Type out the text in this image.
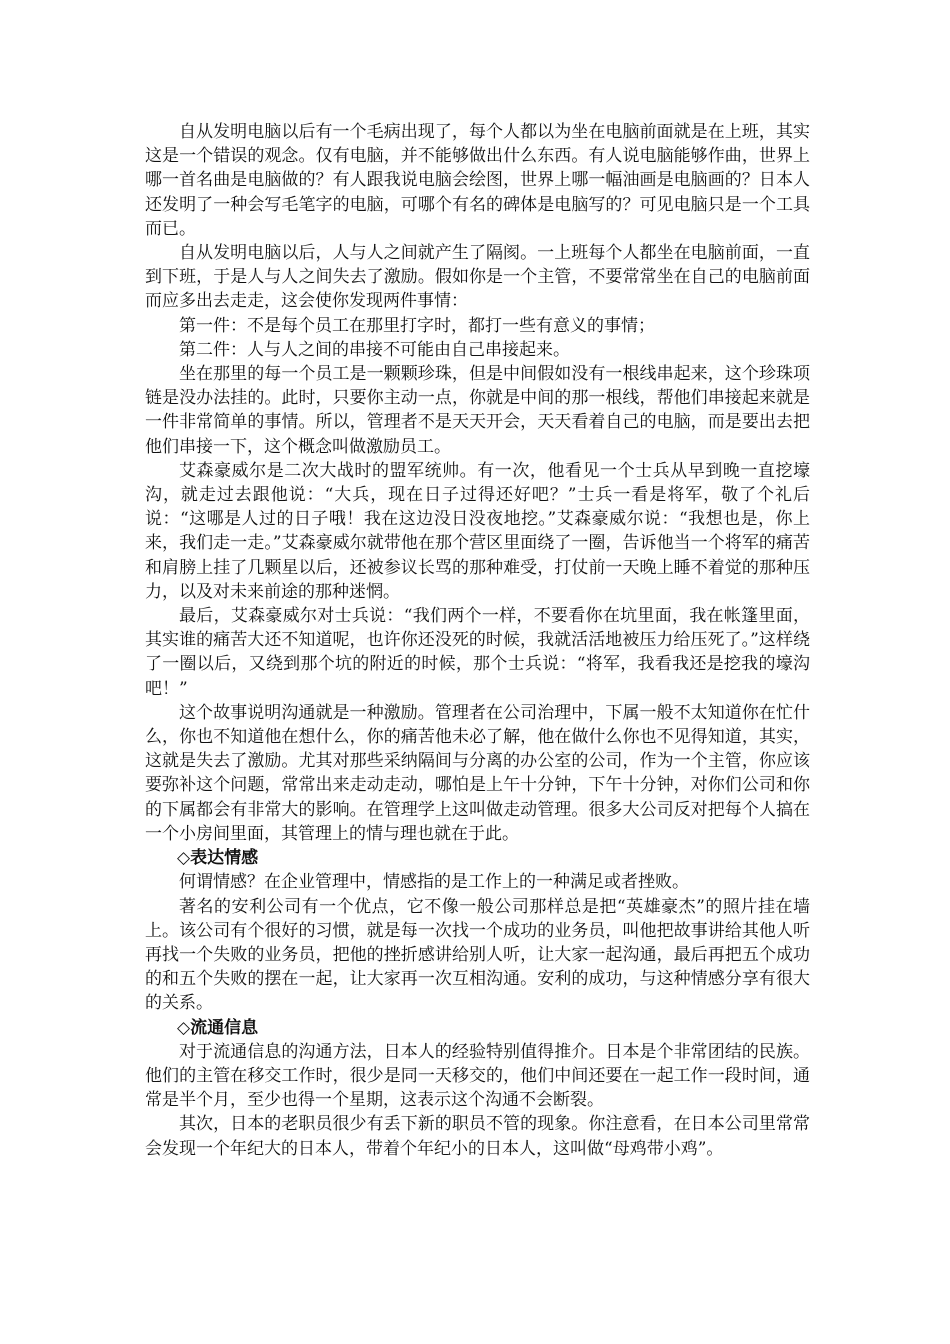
自从发明电脑以后有一个毛病出现了，每个人都以为坐在电脑前面就是在上班，其实这是一个错误的观念。仅有电脑，并不能够做出什么东西。有人说电脑能够作曲，世界上哪一首名曲是电脑做的？有人跟我说电脑会绘图，世界上哪一幅油画是电脑画的？日本人还发明了一种会写毛笔字的电脑，可哪个有名的碑体是电脑写的？可见电脑只是一个工具而已。

自从发明电脑以后，人与人之间就产生了隔阂。一上班每个人都坐在电脑前面，一直到下班，于是人与人之间失去了激励。假如你是一个主管，不要常常坐在自己的电脑前面而应多出去走走，这会使你发现两件事情：

第一件：不是每个员工在那里打字时，都打一些有意义的事情；

第二件：人与人之间的串接不可能由自己串接起来。

坐在那里的每一个员工是一颗颗珍珠，但是中间假如没有一根线串起来，这个珍珠项链是没办法挂的。此时，只要你主动一点，你就是中间的那一根线，帮他们串接起来就是一件非常简单的事情。所以，管理者不是天天开会，天天看着自己的电脑，而是要出去把他们串接一下，这个概念叫做激励员工。

艾森豪威尔是二次大战时的盟军统帅。有一次，他看见一个士兵从早到晚一直挖壕沟，就走过去跟他说：“大兵，现在日子过得还好吧？”士兵一看是将军，敬了个礼后说：“这哪是人过的日子哦！我在这边没日没夜地挖。”艾森豪威尔说：“我想也是，你上来，我们走一走。”艾森豪威尔就带他在那个营区里面绕了一圈，告诉他当一个将军的痛苦和肩膀上挂了几颗星以后，还被参议长骂的那种难受，打仗前一天晚上睡不着觉的那种压力，以及对未来前途的那种迷惘。

最后，艾森豪威尔对士兵说：“我们两个一样，不要看你在坑里面，我在帐篷里面，其实谁的痛苦大还不知道呢，也许你还没死的时候，我就活活地被压力给压死了。”这样绕了一圈以后，又绕到那个坑的附近的时候，那个士兵说：“将军，我看我还是挖我的壕沟吧！”

这个故事说明沟通就是一种激励。管理者在公司治理中，下属一般不太知道你在忙什么，你也不知道他在想什么，你的痛苦他未必了解，他在做什么你也不见得知道，其实，这就是失去了激励。尤其对那些采纳隔间与分离的办公室的公司，作为一个主管，你应该要弥补这个问题，常常出来走动走动，哪怕是上午十分钟，下午十分钟，对你们公司和你的下属都会有非常大的影响。在管理学上这叫做走动管理。很多大公司反对把每个人搞在一个小房间里面，其管理上的情与理也就在于此。

◇表达情感

何谓情感？在企业管理中，情感指的是工作上的一种满足或者挫败。

著名的安利公司有一个优点，它不像一般公司那样总是把“英雄豪杰”的照片挂在墙上。该公司有个很好的习惯，就是每一次找一个成功的业务员，叫他把故事讲给其他人听再找一个失败的业务员，把他的挫折感讲给别人听，让大家一起沟通，最后再把五个成功的和五个失败的摆在一起，让大家再一次互相沟通。安利的成功，与这种情感分享有很大的关系。

◇流通信息

对于流通信息的沟通方法，日本人的经验特别值得推介。日本是个非常团结的民族。他们的主管在移交工作时，很少是同一天移交的，他们中间还要在一起工作一段时间，通常是半个月，至少也得一个星期，这表示这个沟通不会断裂。

其次，日本的老职员很少有丢下新的职员不管的现象。你注意看，在日本公司里常常会发现一个年纪大的日本人，带着个年纪小的日本人，这叫做“母鸡带小鸡”。
